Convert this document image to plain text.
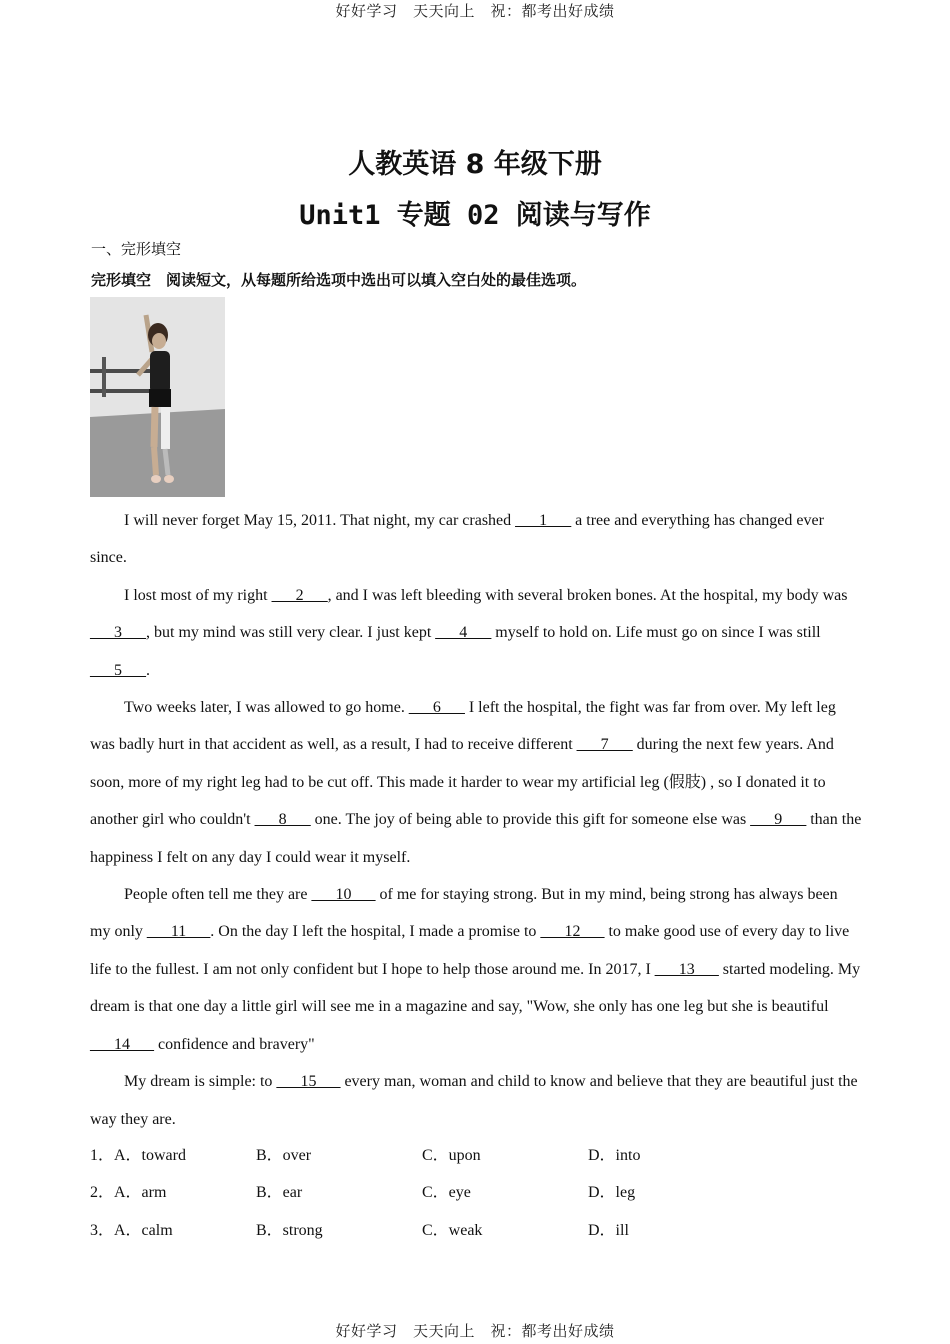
好好学习　天天向上　祝：都考出好成绩
人教英语 8 年级下册
Unit1 专题 02 阅读与写作
一、完形填空
完形填空　阅读短文，从每题所给选项中选出可以填入空白处的最佳选项。

I will never forget May 15, 2011. That night, my car crashed ___1___ a tree and everything has changed ever since.

I lost most of my right ___2___, and I was left bleeding with several broken bones. At the hospital, my body was ___3___, but my mind was still very clear. I just kept ___4___ myself to hold on. Life must go on since I was still ___5___.

Two weeks later, I was allowed to go home. ___6___ I left the hospital, the fight was far from over. My left leg was badly hurt in that accident as well, as a result, I had to receive different ___7___ during the next few years. And soon, more of my right leg had to be cut off. This made it harder to wear my artificial leg (假肢) , so I donated it to another girl who couldn't ___8___ one. The joy of being able to provide this gift for someone else was ___9___ than the happiness I felt on any day I could wear it myself.

People often tell me they are ___10___ of me for staying strong. But in my mind, being strong has always been my only ___11___. On the day I left the hospital, I made a promise to ___12___ to make good use of every day to live life to the fullest. I am not only confident but I hope to help those around me. In 2017, I ___13___ started modeling. My dream is that one day a little girl will see me in a magazine and say, "Wow, she only has one leg but she is beautiful ___14___ confidence and bravery"

My dream is simple: to ___15___ every man, woman and child to know and believe that they are beautiful just the way they are.

1．A．toward	B．over	C．upon	D．into
2．A．arm	B．ear	C．eye	D．leg
3．A．calm	B．strong	C．weak	D．ill
好好学习　天天向上　祝：都考出好成绩
